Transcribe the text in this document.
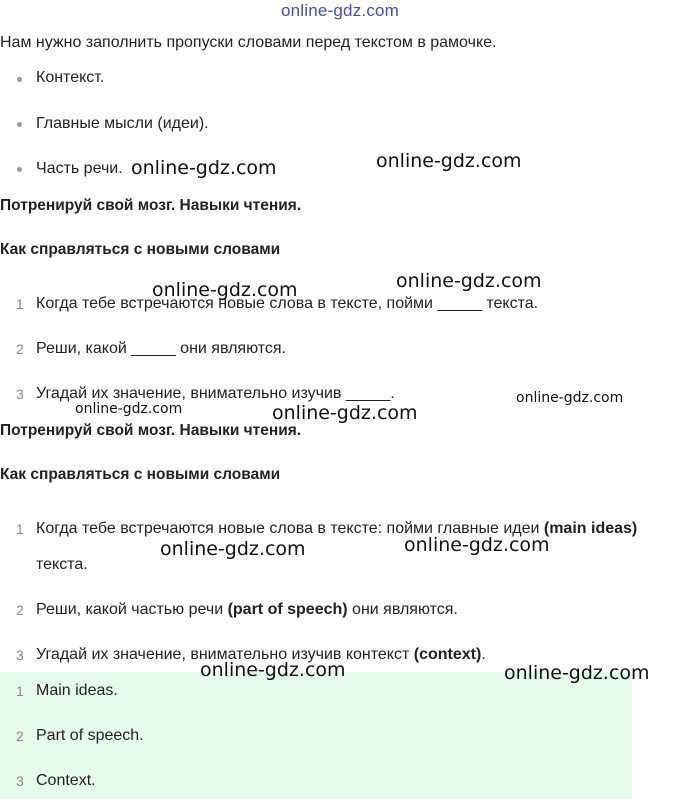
online-gdz.com
Нам нужно заполнить пропуски словами перед текстом в рамочке.
Контекст.
Главные мысли (идеи).
Часть речи.
Потренируй свой мозг. Навыки чтения.
Как справляться с новыми словами
1 Когда тебе встречаются новые слова в тексте, пойми _____ текста.
2 Реши, какой _____ они являются.
3 Угадай их значение, внимательно изучив _____.
Потренируй свой мозг. Навыки чтения.
Как справляться с новыми словами
1 Когда тебе встречаются новые слова в тексте: пойми главные идеи (main ideas) текста.
2 Реши, какой частью речи (part of speech) они являются.
3 Угадай их значение, внимательно изучив контекст (context).
1 Main ideas.
2 Part of speech.
3 Context.
online-gdz.com	online-gdz.com
online-gdz.com	online-gdz.com
online-gdz.com	online-gdz.com
online-gdz.com
online-gdz.com	online-gdz.com
online-gdz.com	online-gdz.com
